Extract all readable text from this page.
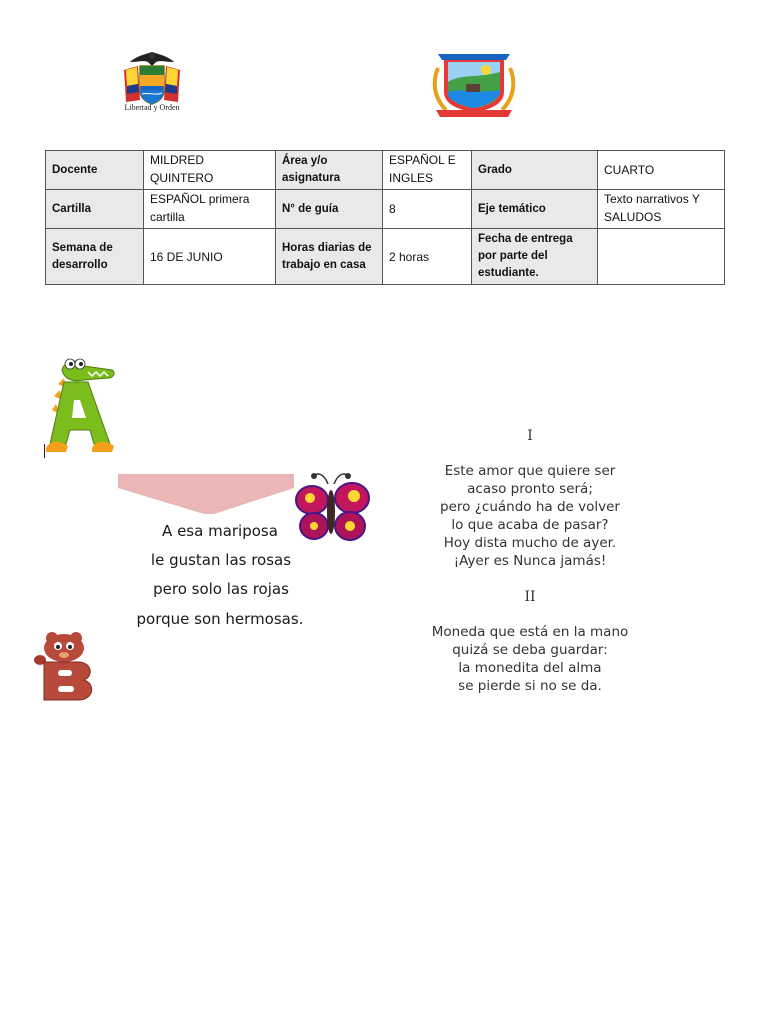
Libertad y Orden
Docente	MILDRED QUINTERO	Área y/o asignatura	ESPAÑOL E INGLES	Grado	CUARTO
Cartilla	ESPAÑOL primera cartilla	N° de guía	8	Eje temático	Texto narrativos Y SALUDOS
Semana de desarrollo	16 DE JUNIO	Horas diarias de trabajo en casa	2 horas	Fecha de entrega por parte del estudiante.	
A esa mariposa
le gustan las rosas
pero solo las rojas
porque son hermosas.
I
Este amor que quiere ser
acaso pronto será;
pero ¿cuándo ha de volver
lo que acaba de pasar?
Hoy dista mucho de ayer.
¡Ayer es Nunca jamás!
II
Moneda que está en la mano
quizá se deba guardar:
la monedita del alma
se pierde si no se da.
